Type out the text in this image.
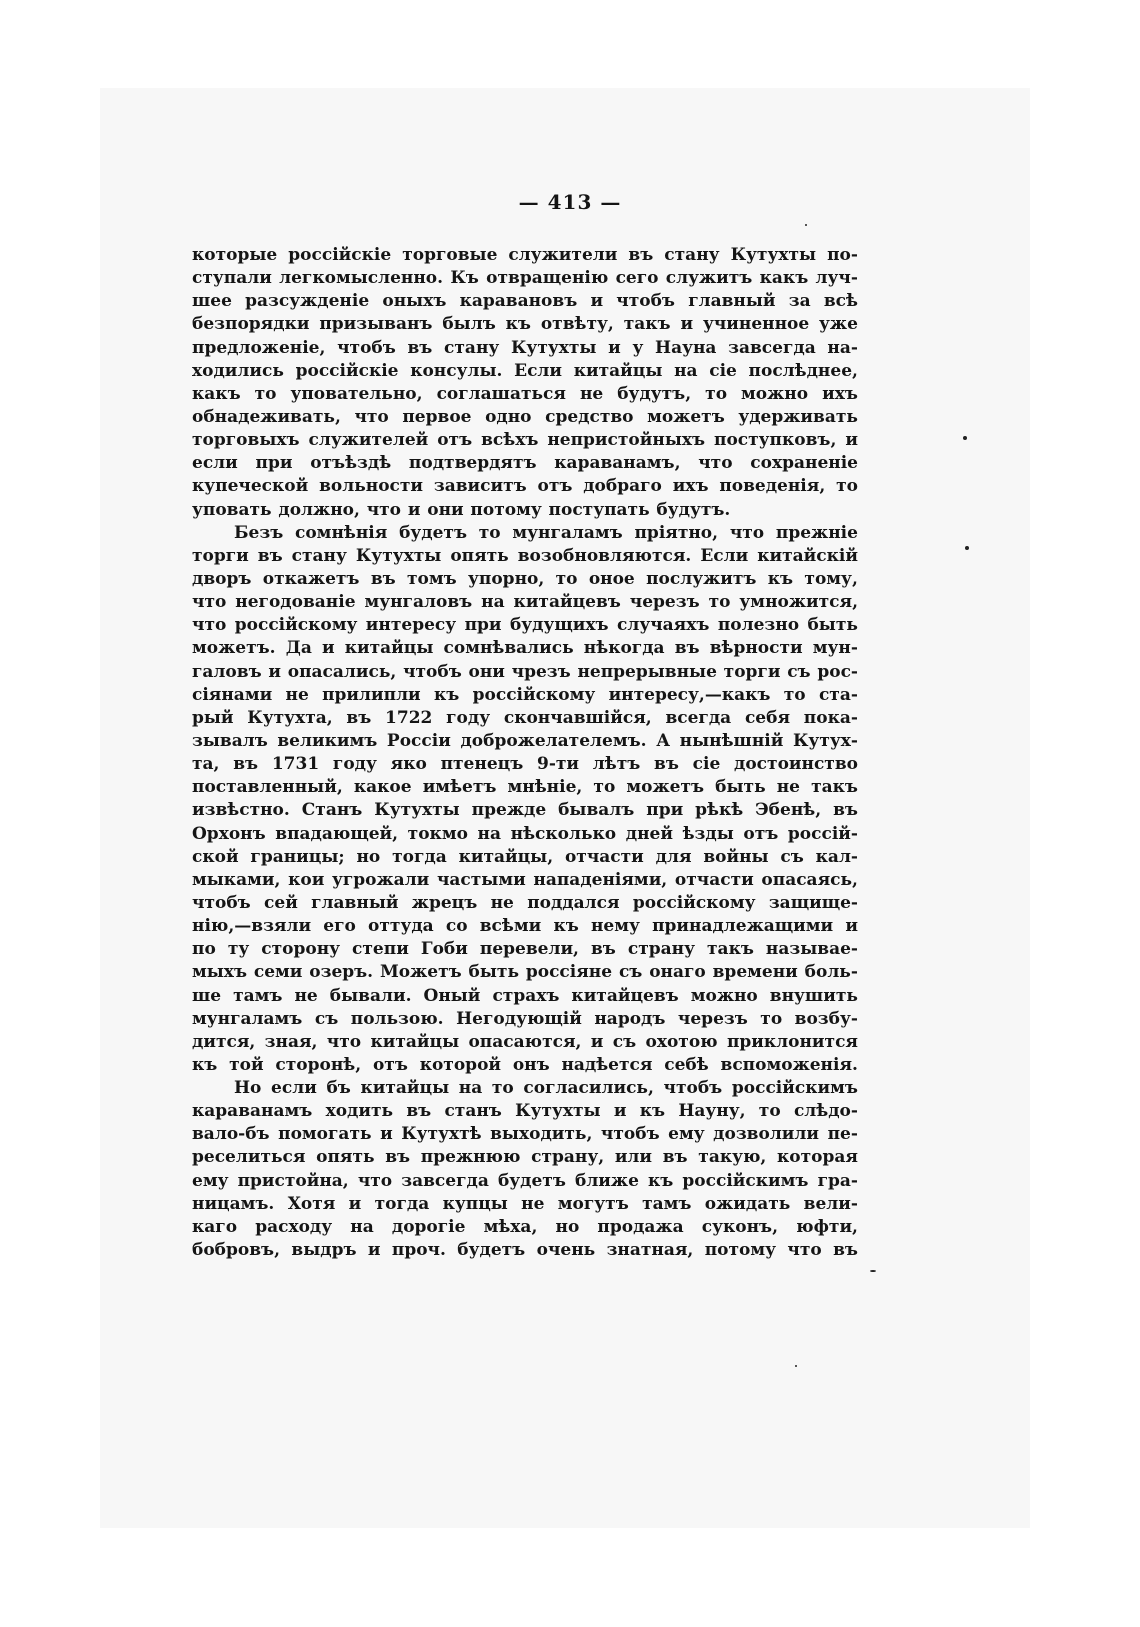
— 413 —
которые россійскіе торговые служители въ стану Кутухты по-
ступали легкомысленно. Къ отвращенію сего служитъ какъ луч-
шее разсужденіе оныхъ каравановъ и чтобъ главный за всѣ
безпорядки призыванъ былъ къ отвѣту, такъ и учиненное уже
предложеніе, чтобъ въ стану Кутухты и у Науна завсегда на-
ходились россійскіе консулы. Если китайцы на сіе послѣднее,
какъ то уповательно, соглашаться не будутъ, то можно ихъ
обнадеживать, что первое одно средство можетъ удерживать
торговыхъ служителей отъ всѣхъ непристойныхъ поступковъ, и
если при отъѣздѣ подтвердятъ караванамъ, что сохраненіе
купеческой вольности зависитъ отъ добраго ихъ поведенія, то
уповать должно, что и они потому поступать будутъ.
Безъ сомнѣнія будетъ то мунгаламъ пріятно, что прежніе
торги въ стану Кутухты опять возобновляются. Если китайскій
дворъ откажетъ въ томъ упорно, то оное послужитъ къ тому,
что негодованіе мунгаловъ на китайцевъ черезъ то умножится,
что россійскому интересу при будущихъ случаяхъ полезно быть
можетъ. Да и китайцы сомнѣвались нѣкогда въ вѣрности мун-
галовъ и опасались, чтобъ они чрезъ непрерывные торги съ рос-
сіянами не прилипли къ россійскому интересу,—какъ то ста-
рый Кутухта, въ 1722 году скончавшійся, всегда себя пока-
зывалъ великимъ Россіи доброжелателемъ. А нынѣшній Кутух-
та, въ 1731 году яко птенецъ 9-ти лѣтъ въ сіе достоинство
поставленный, какое имѣетъ мнѣніе, то можетъ быть не такъ
извѣстно. Станъ Кутухты прежде бывалъ при рѣкѣ Эбенѣ, въ
Орхонъ впадающей, токмо на нѣсколько дней ѣзды отъ россій-
ской границы; но тогда китайцы, отчасти для войны съ кал-
мыками, кои угрожали частыми нападеніями, отчасти опасаясь,
чтобъ сей главный жрецъ не поддался россійскому защище-
нію,—взяли его оттуда со всѣми къ нему принадлежащими и
по ту сторону степи Гоби перевели, въ страну такъ называе-
мыхъ семи озеръ. Можетъ быть россіяне съ онаго времени боль-
ше тамъ не бывали. Оный страхъ китайцевъ можно внушить
мунгаламъ съ пользою. Негодующій народъ черезъ то возбу-
дится, зная, что китайцы опасаются, и съ охотою приклонится
къ той сторонѣ, отъ которой онъ надѣется себѣ вспоможенія.
Но если бъ китайцы на то согласились, чтобъ россійскимъ
караванамъ ходить въ станъ Кутухты и къ Науну, то слѣдо-
вало-бъ помогать и Кутухтѣ выходить, чтобъ ему дозволили пе-
реселиться опять въ прежнюю страну, или въ такую, которая
ему пристойна, что завсегда будетъ ближе къ россійскимъ гра-
ницамъ. Хотя и тогда купцы не могутъ тамъ ожидать вели-
каго расходу на дорогіе мѣха, но продажа суконъ, юфти,
бобровъ, выдръ и проч. будетъ очень знатная, потому что въ
